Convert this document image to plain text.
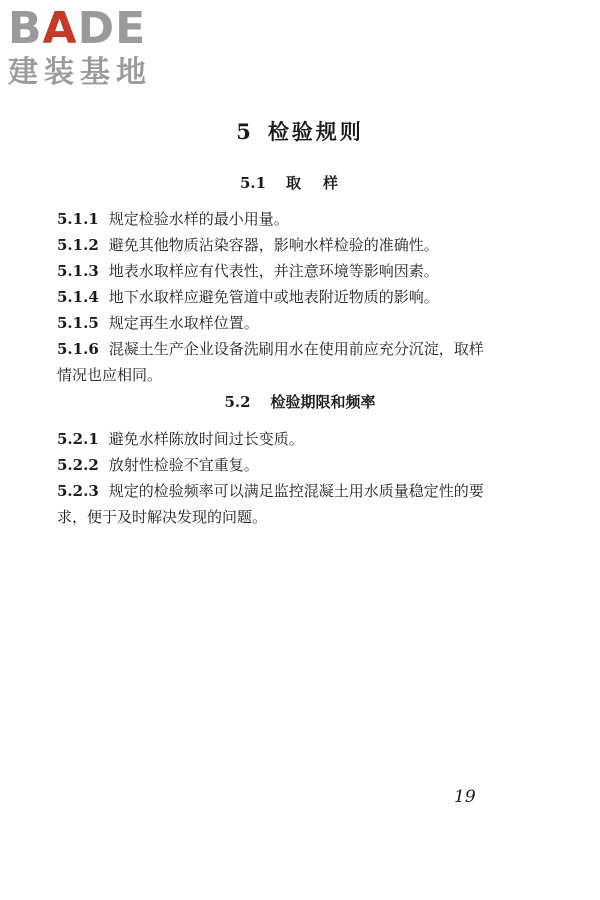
BADE
建装基地
5 检验规则
5.1 取样
5.1.1 规定检验水样的最小用量。
5.1.2 避免其他物质沾染容器，影响水样检验的准确性。
5.1.3 地表水取样应有代表性，并注意环境等影响因素。
5.1.4 地下水取样应避免管道中或地表附近物质的影响。
5.1.5 规定再生水取样位置。
5.1.6 混凝土生产企业设备洗刷用水在使用前应充分沉淀，取样情况也应相同。
5.2 检验期限和频率
5.2.1 避免水样陈放时间过长变质。
5.2.2 放射性检验不宜重复。
5.2.3 规定的检验频率可以满足监控混凝土用水质量稳定性的要求，便于及时解决发现的问题。
19
